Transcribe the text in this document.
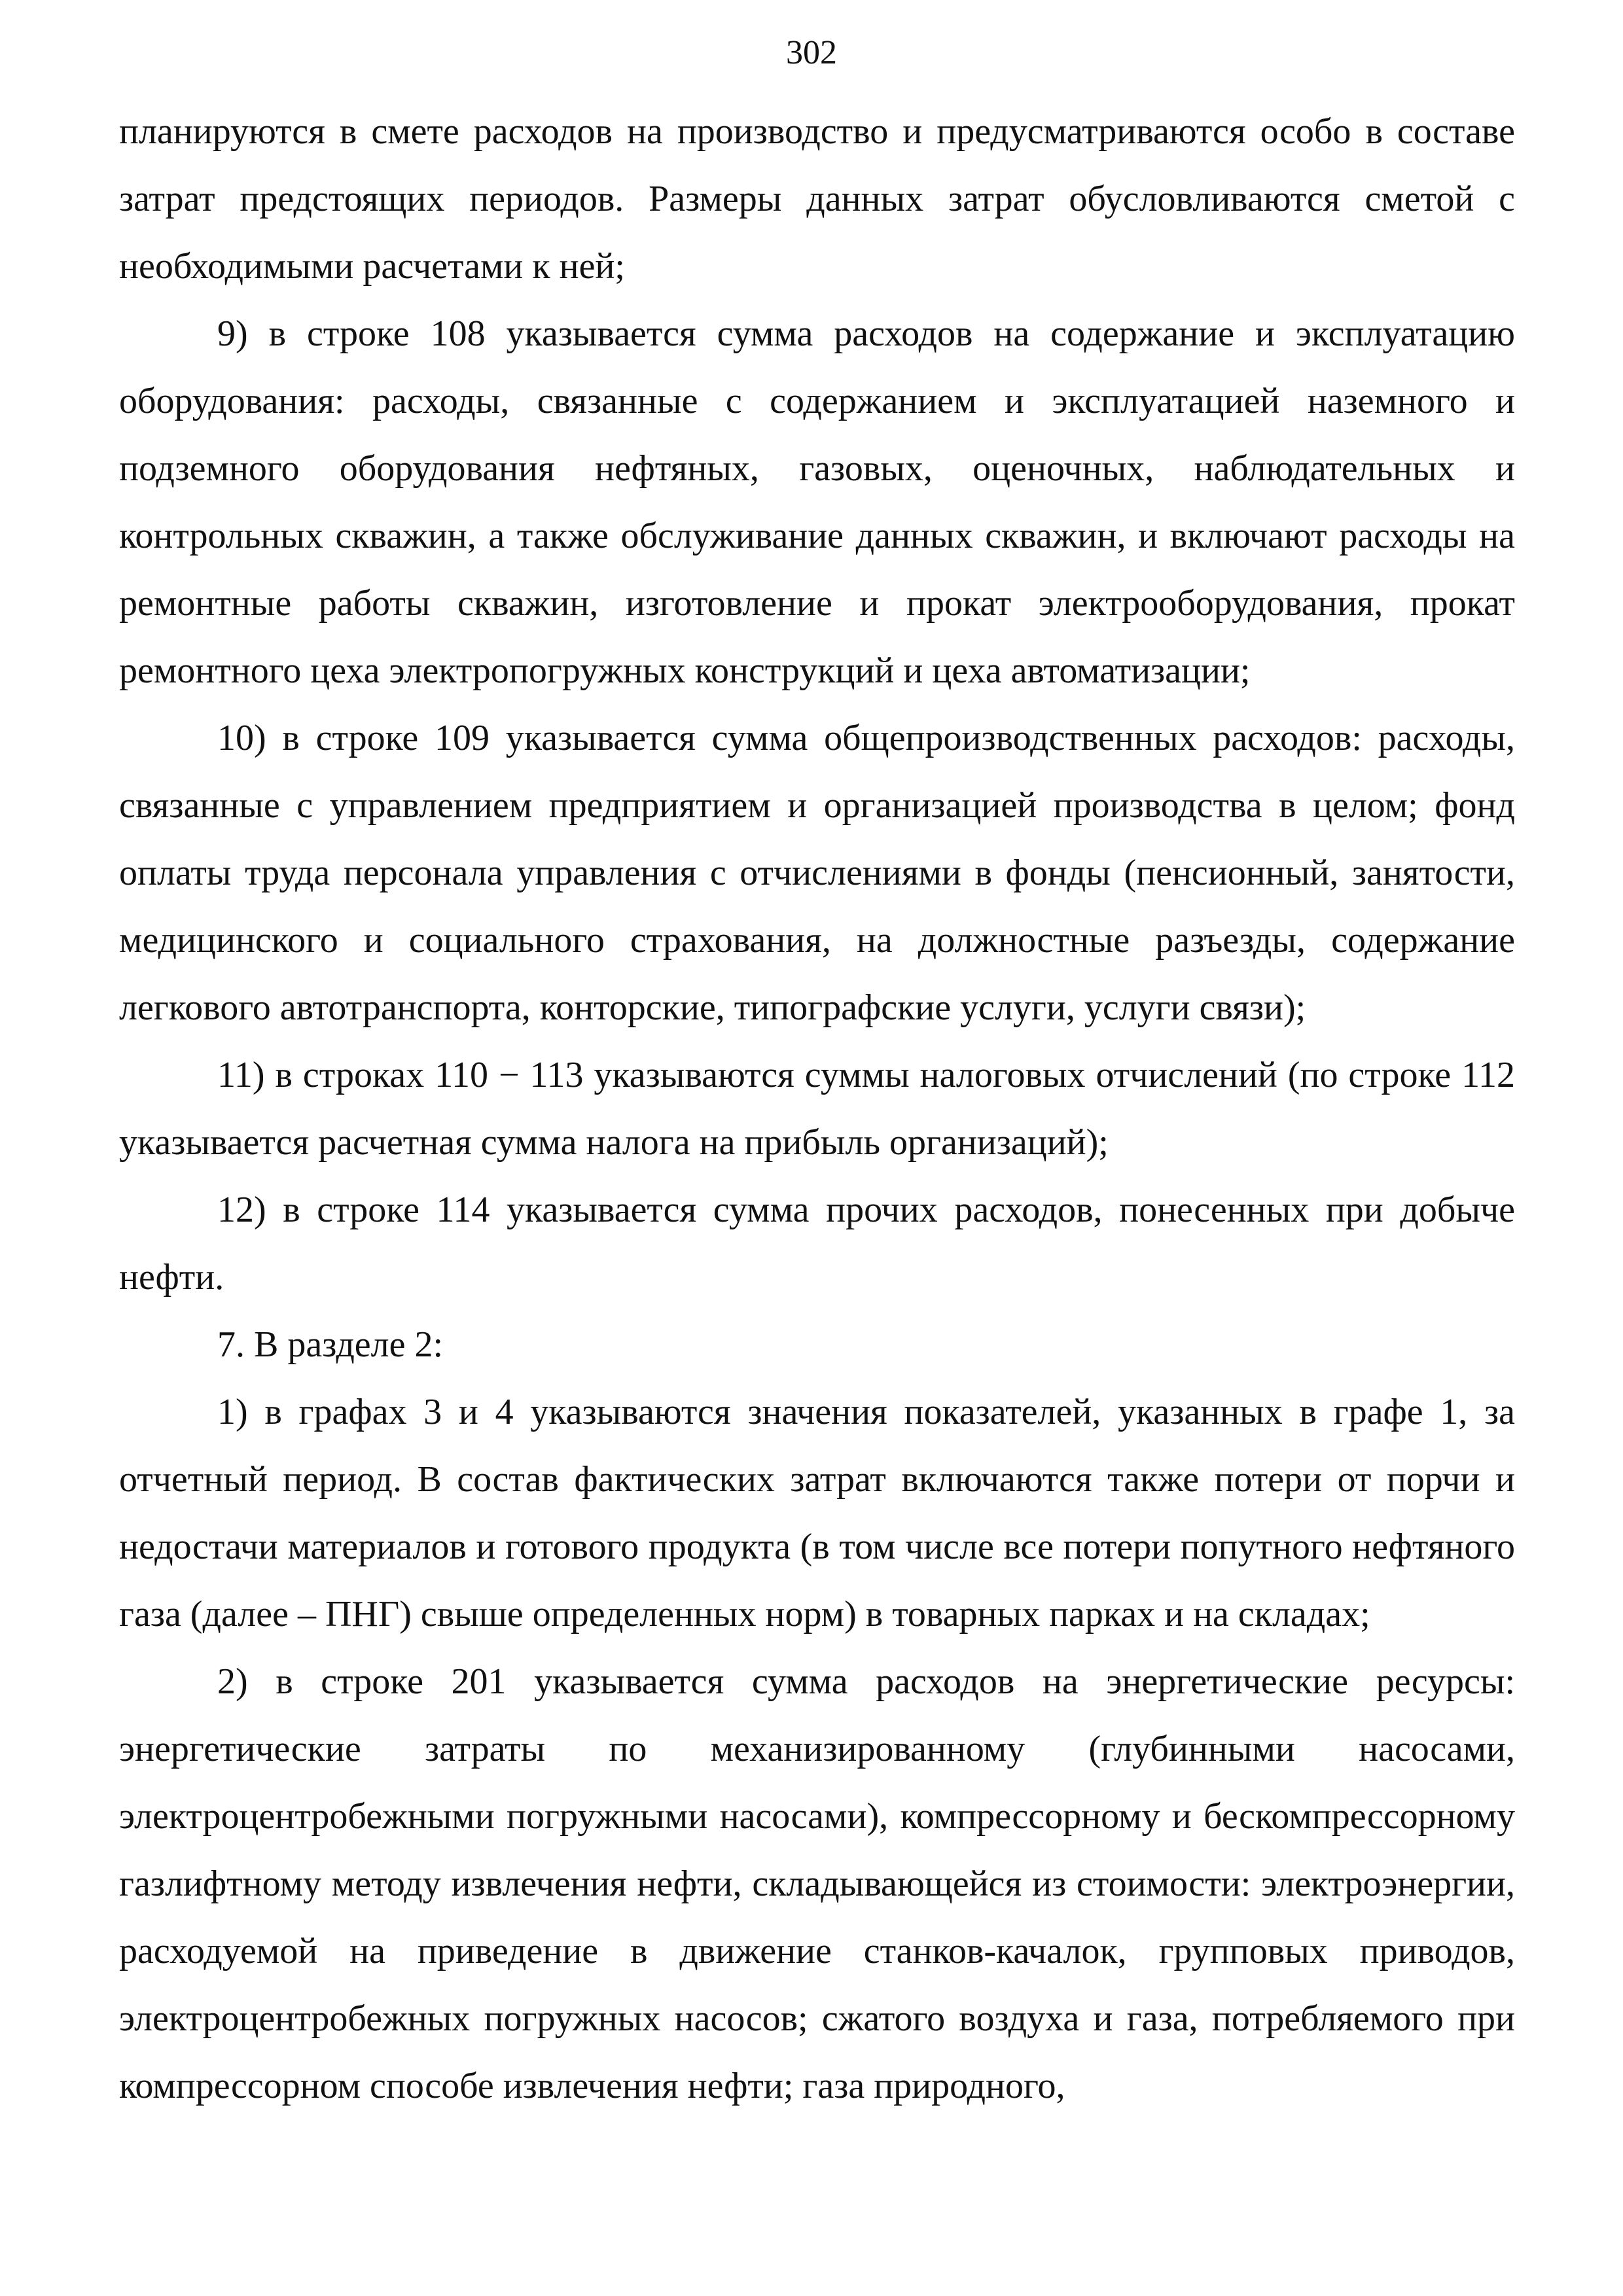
302

планируются в смете расходов на производство и предусматриваются особо в составе затрат предстоящих периодов. Размеры данных затрат обусловливаются сметой с необходимыми расчетами к ней;

9) в строке 108 указывается сумма расходов на содержание и эксплуатацию оборудования: расходы, связанные с содержанием и эксплуатацией наземного и подземного оборудования нефтяных, газовых, оценочных, наблюдательных и контрольных скважин, а также обслуживание данных скважин, и включают расходы на ремонтные работы скважин, изготовление и прокат электрооборудования, прокат ремонтного цеха электропогружных конструкций и цеха автоматизации;

10) в строке 109 указывается сумма общепроизводственных расходов: расходы, связанные с управлением предприятием и организацией производства в целом; фонд оплаты труда персонала управления с отчислениями в фонды (пенсионный, занятости, медицинского и социального страхования, на должностные разъезды, содержание легкового автотранспорта, конторские, типографские услуги, услуги связи);

11) в строках 110 − 113 указываются суммы налоговых отчислений (по строке 112 указывается расчетная сумма налога на прибыль организаций);

12) в строке 114 указывается сумма прочих расходов, понесенных при добыче нефти.

7. В разделе 2:

1) в графах 3 и 4 указываются значения показателей, указанных в графе 1, за отчетный период. В состав фактических затрат включаются также потери от порчи и недостачи материалов и готового продукта (в том числе все потери попутного нефтяного газа (далее – ПНГ) свыше определенных норм) в товарных парках и на складах;

2) в строке 201 указывается сумма расходов на энергетические ресурсы: энергетические затраты по механизированному (глубинными насосами, электроцентробежными погружными насосами), компрессорному и бескомпрессорному газлифтному методу извлечения нефти, складывающейся из стоимости: электроэнергии, расходуемой на приведение в движение станков-качалок, групповых приводов, электроцентробежных погружных насосов; сжатого воздуха и газа, потребляемого при компрессорном способе извлечения нефти; газа природного,
